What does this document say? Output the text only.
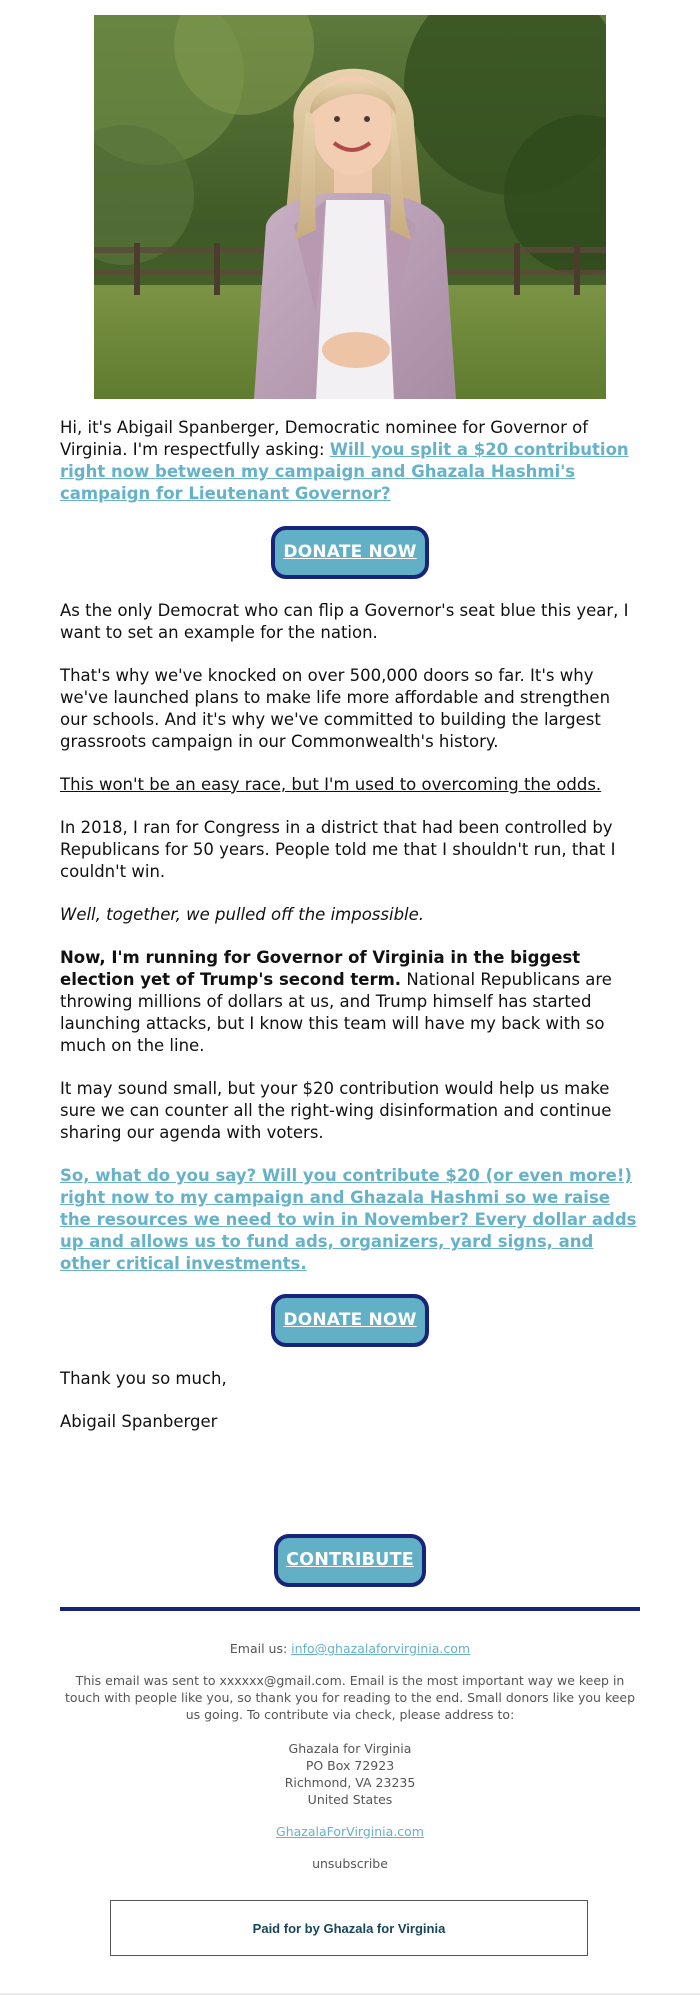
Hi, it's Abigail Spanberger, Democratic nominee for Governor of Virginia. I'm respectfully asking: Will you split a $20 contribution right now between my campaign and Ghazala Hashmi's campaign for Lieutenant Governor?

DONATE NOW

As the only Democrat who can flip a Governor's seat blue this year, I want to set an example for the nation.

That's why we've knocked on over 500,000 doors so far. It's why we've launched plans to make life more affordable and strengthen our schools. And it's why we've committed to building the largest grassroots campaign in our Commonwealth's history.

This won't be an easy race, but I'm used to overcoming the odds.

In 2018, I ran for Congress in a district that had been controlled by Republicans for 50 years. People told me that I shouldn't run, that I couldn't win.

Well, together, we pulled off the impossible.

Now, I'm running for Governor of Virginia in the biggest election yet of Trump's second term. National Republicans are throwing millions of dollars at us, and Trump himself has started launching attacks, but I know this team will have my back with so much on the line.

It may sound small, but your $20 contribution would help us make sure we can counter all the right-wing disinformation and continue sharing our agenda with voters.

So, what do you say? Will you contribute $20 (or even more!) right now to my campaign and Ghazala Hashmi so we raise the resources we need to win in November? Every dollar adds up and allows us to fund ads, organizers, yard signs, and other critical investments.

DONATE NOW

Thank you so much,

Abigail Spanberger

CONTRIBUTE

Email us: info@ghazalaforvirginia.com

This email was sent to xxxxxx@gmail.com. Email is the most important way we keep in touch with people like you, so thank you for reading to the end. Small donors like you keep us going. To contribute via check, please address to:

Ghazala for Virginia
PO Box 72923
Richmond, VA 23235
United States

GhazalaForVirginia.com

unsubscribe

Paid for by Ghazala for Virginia
